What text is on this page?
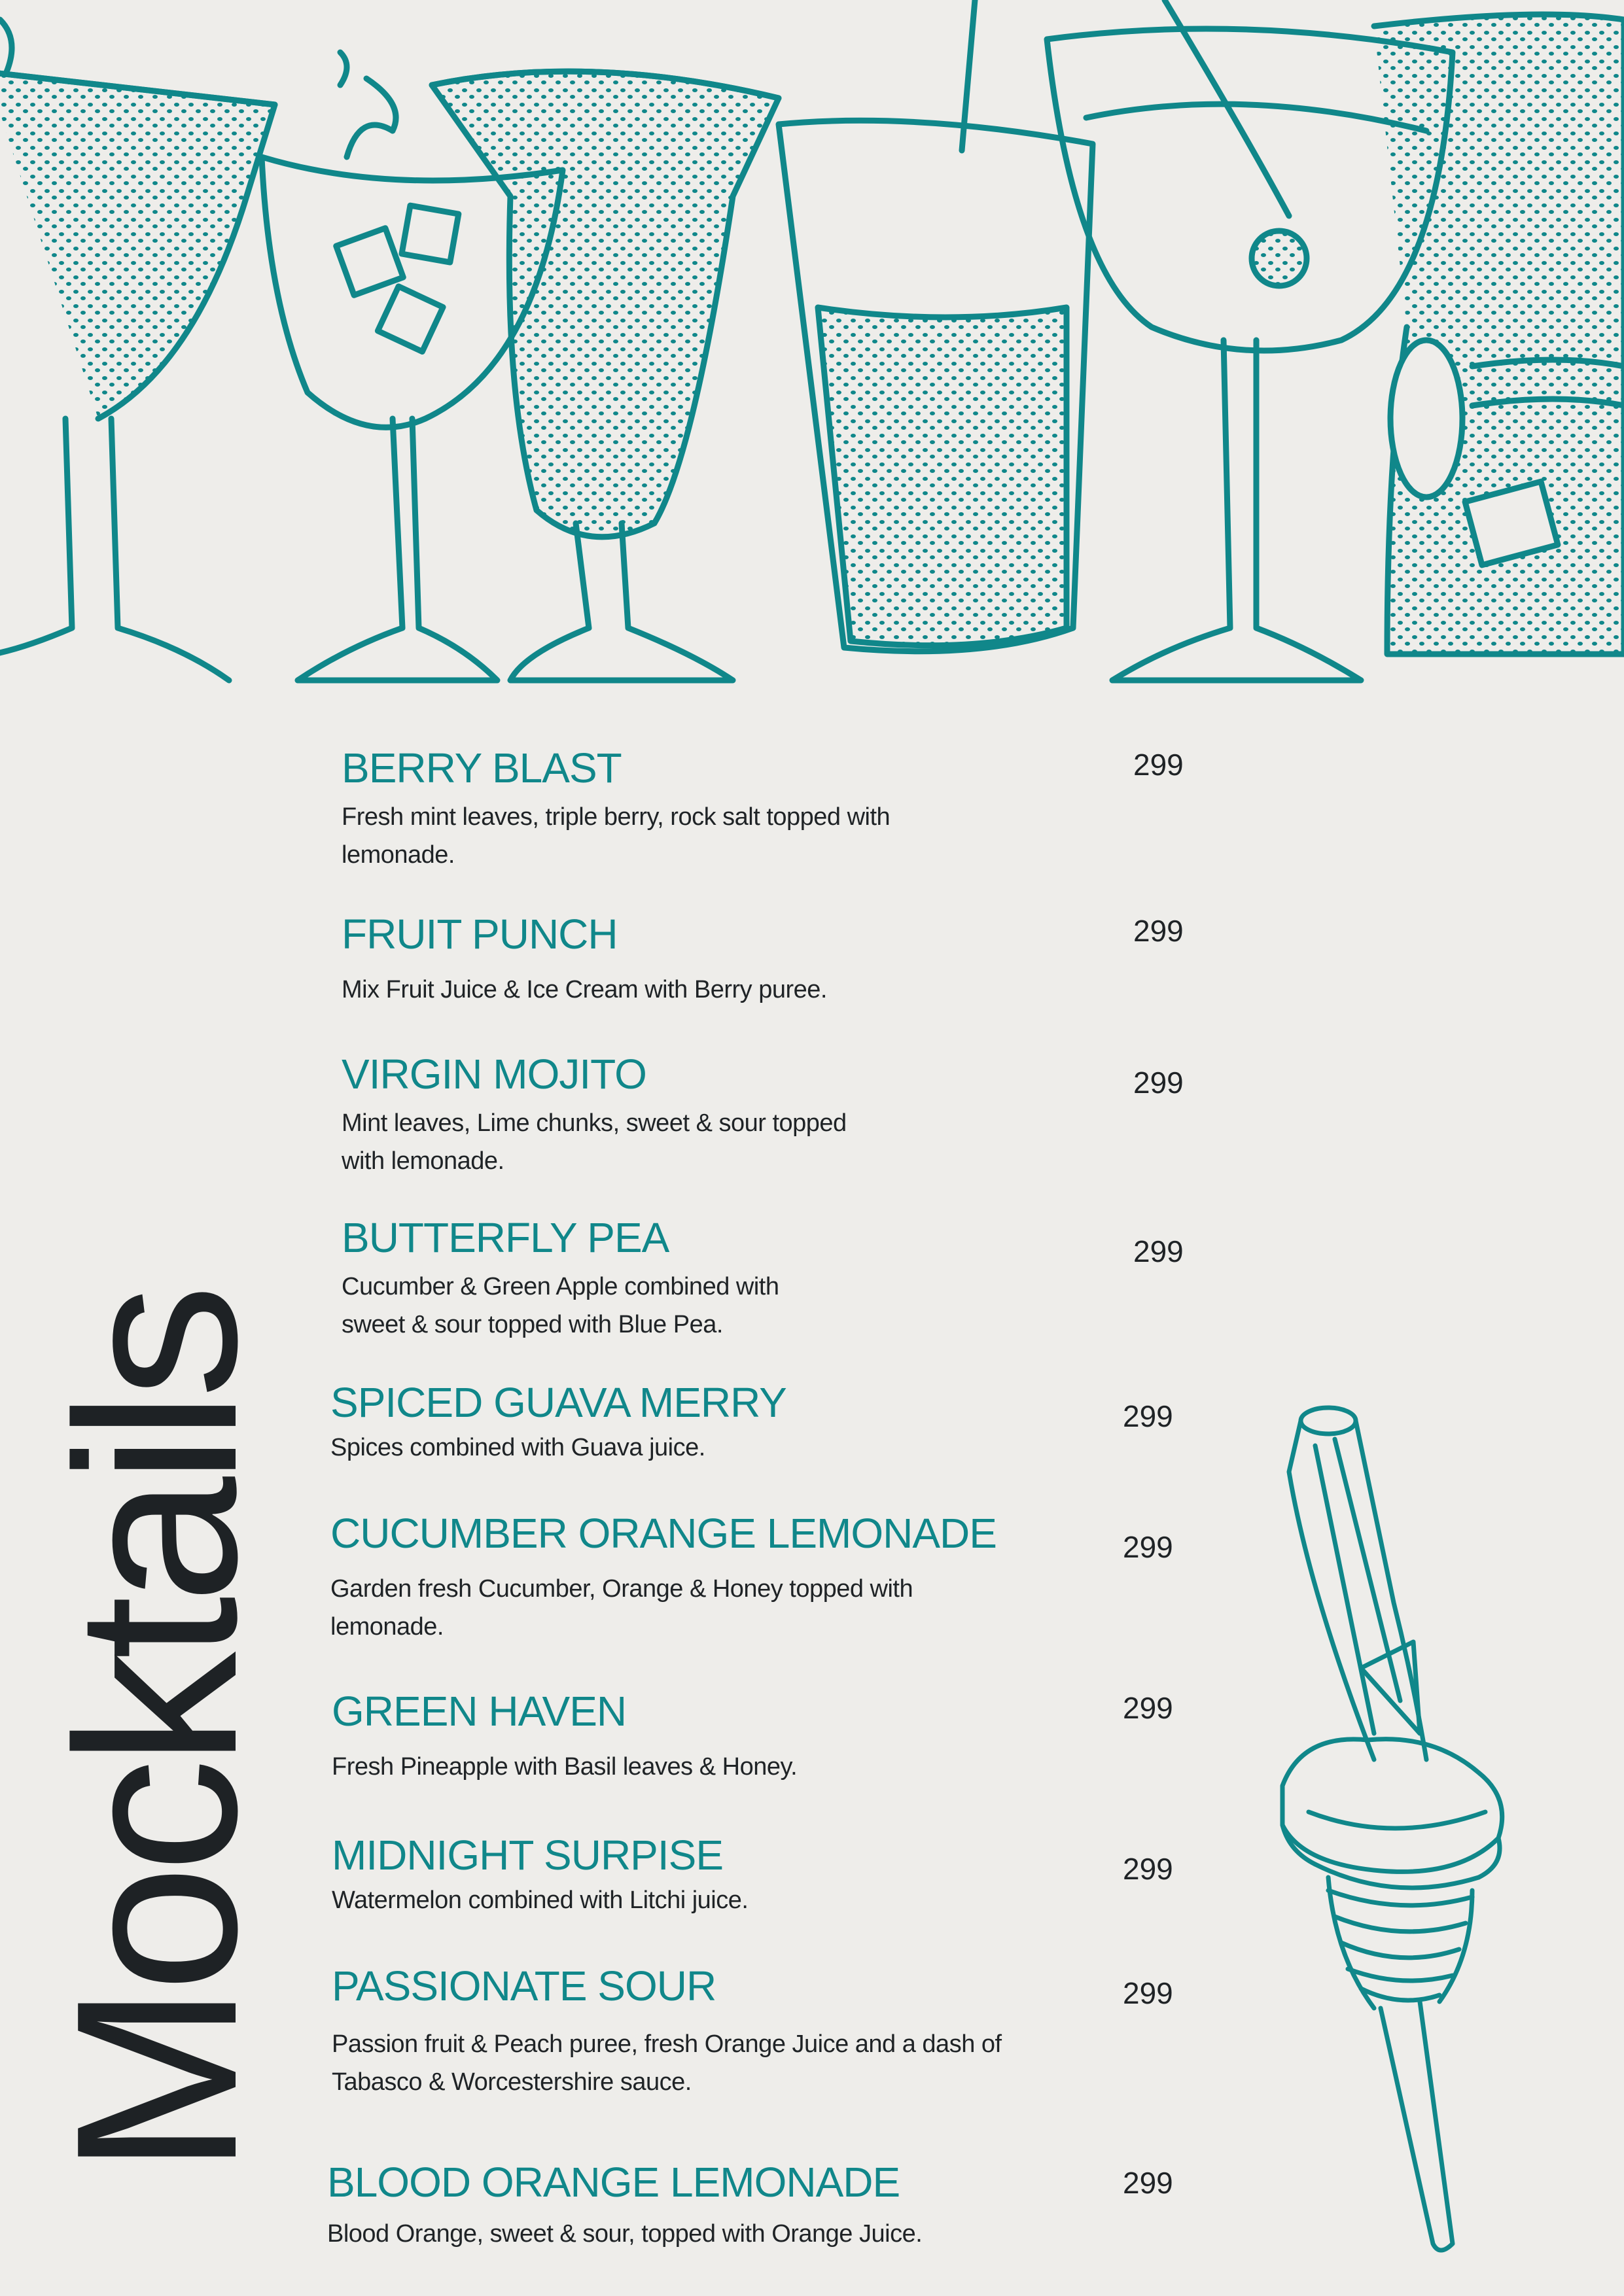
Mocktails
BERRY BLAST
Fresh mint leaves, triple berry, rock salt topped with lemonade.
299
FRUIT PUNCH
Mix Fruit Juice & Ice Cream with Berry puree.
299
VIRGIN MOJITO
Mint leaves, Lime chunks, sweet & sour topped with lemonade.
299
BUTTERFLY PEA
Cucumber & Green Apple combined with sweet & sour topped with Blue Pea.
299
SPICED GUAVA MERRY
Spices combined with Guava juice.
299
CUCUMBER ORANGE LEMONADE
Garden fresh Cucumber, Orange & Honey topped with lemonade.
299
GREEN HAVEN
Fresh Pineapple with Basil leaves & Honey.
299
MIDNIGHT SURPISE
Watermelon combined with Litchi juice.
299
PASSIONATE SOUR
Passion fruit & Peach puree, fresh Orange Juice and a dash of Tabasco & Worcestershire sauce.
299
BLOOD ORANGE LEMONADE
Blood Orange, sweet & sour, topped with Orange Juice.
299
